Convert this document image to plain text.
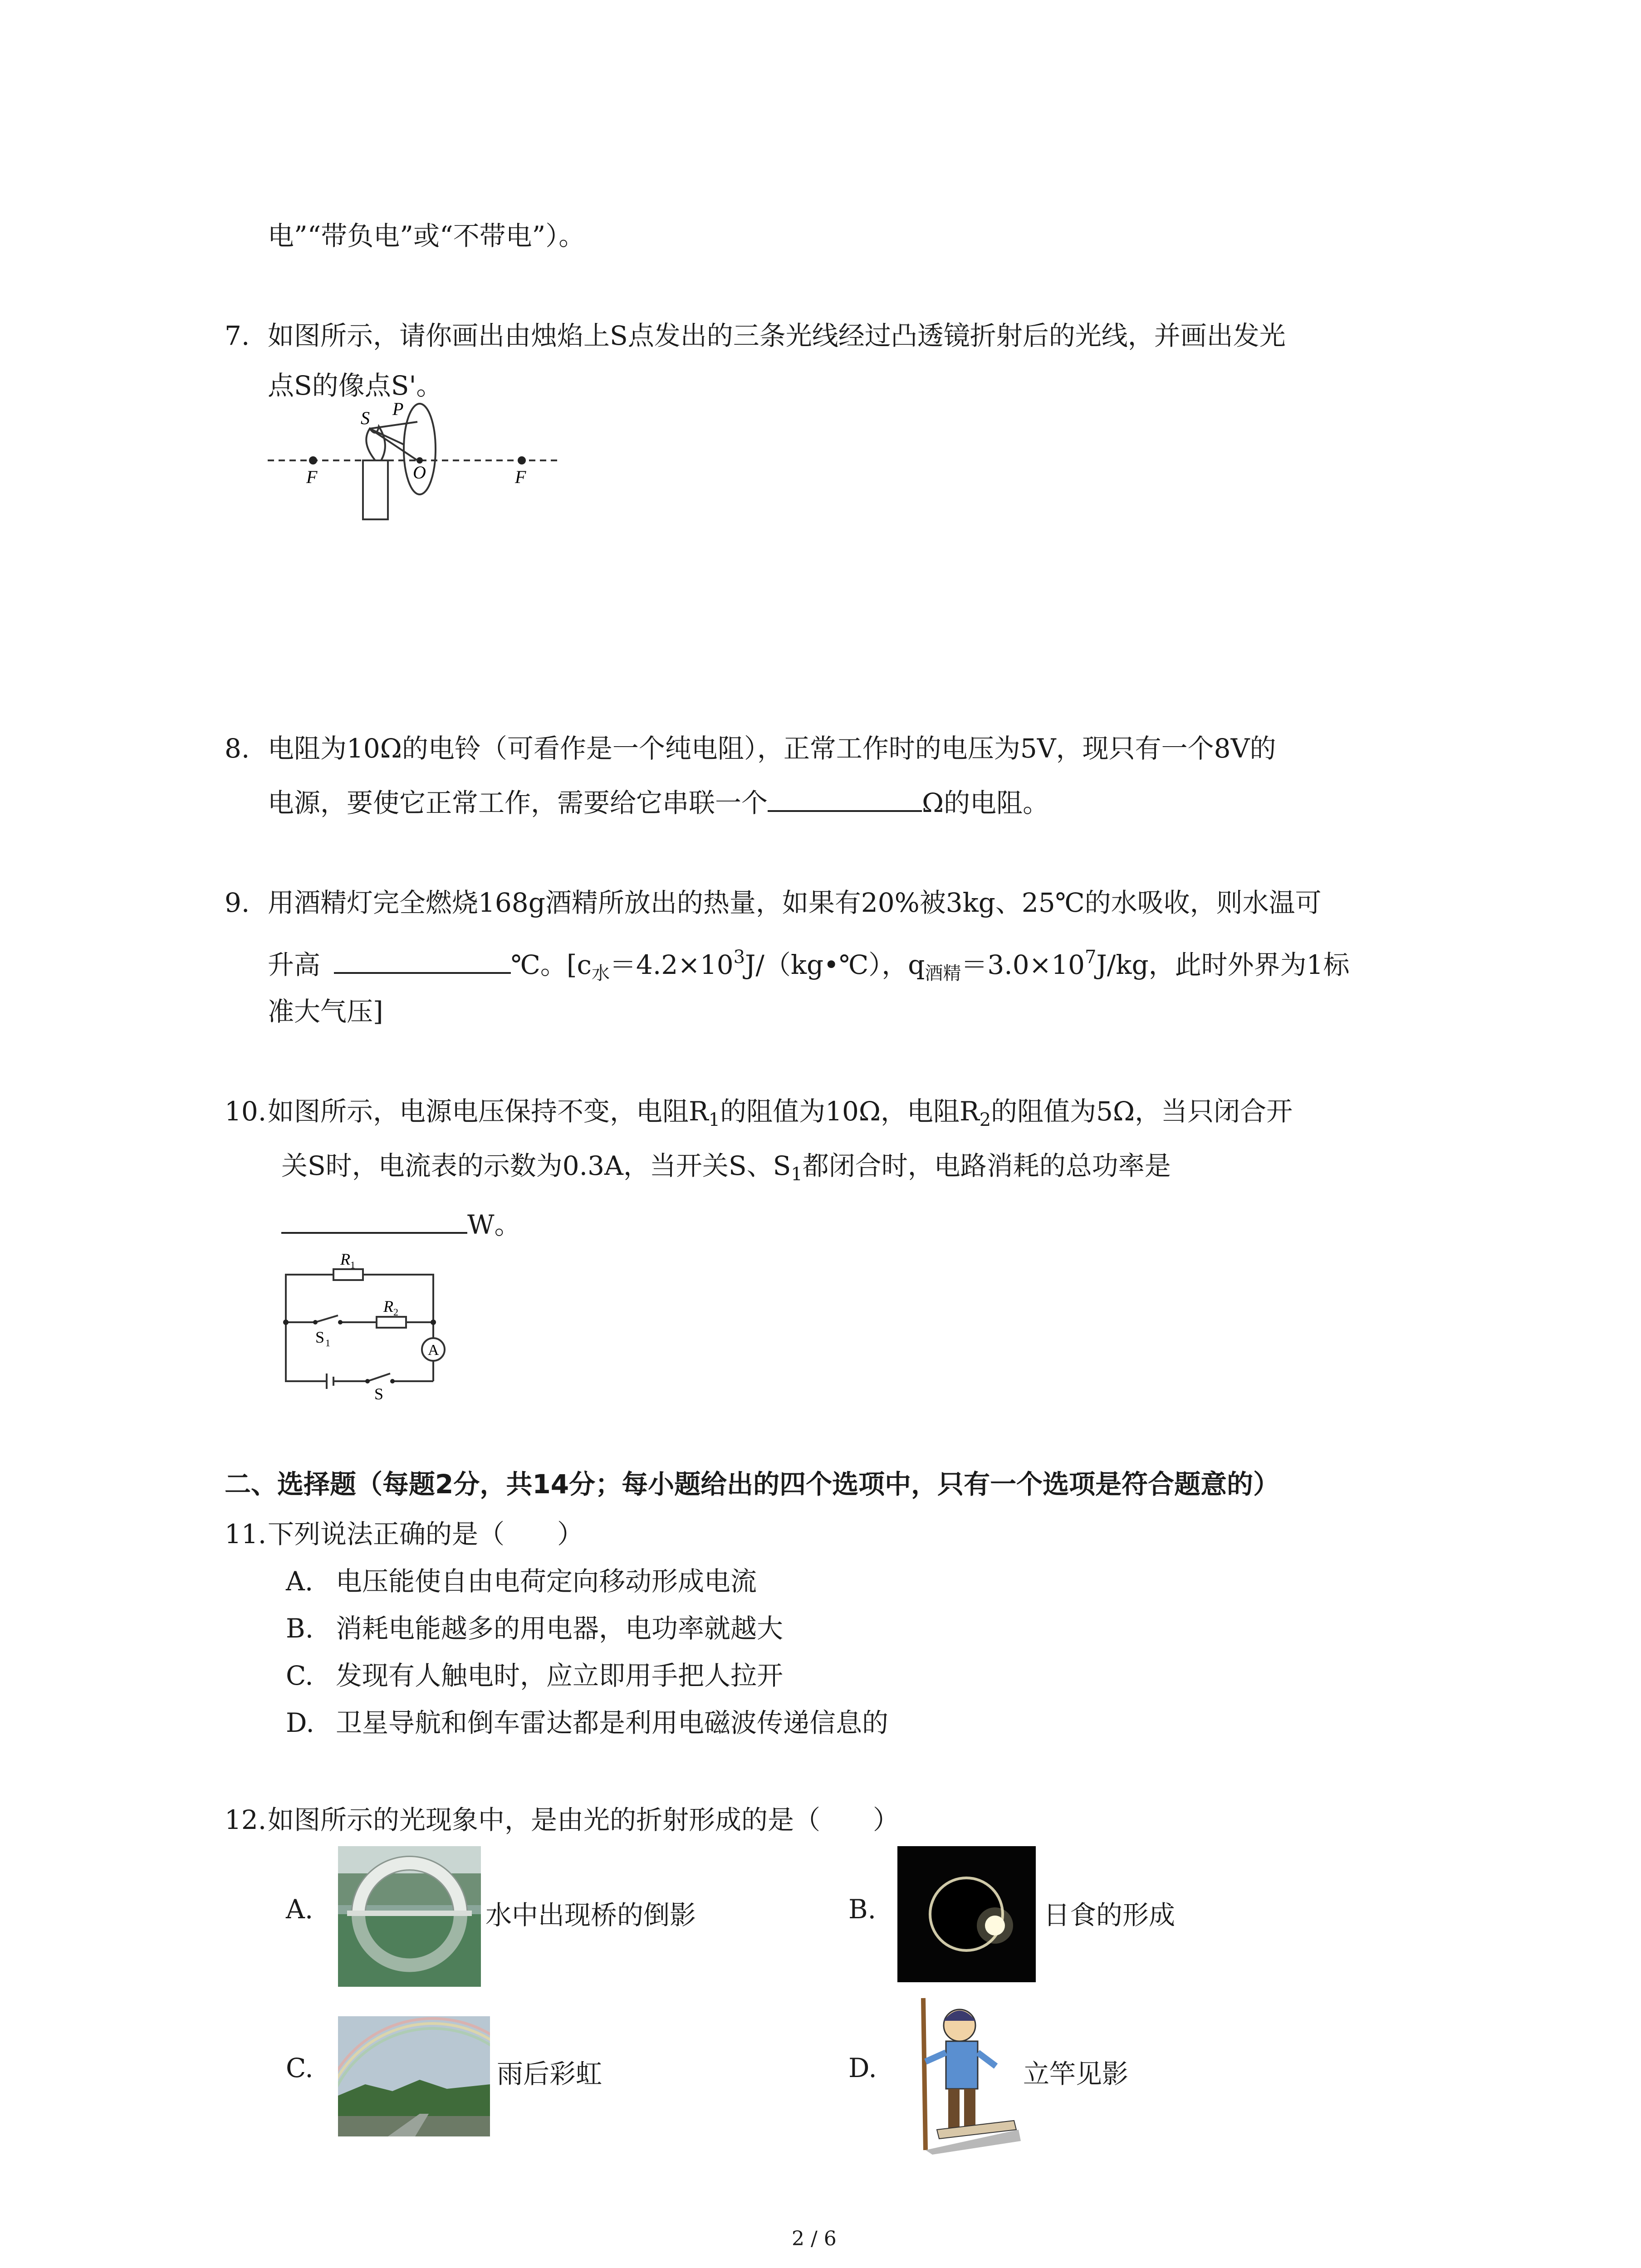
电”“带负电”或“不带电”）。
7. 如图所示，请你画出由烛焰上S点发出的三条光线经过凸透镜折射后的光线，并画出发光
点S的像点S'。
S P
O
F	F
8. 电阻为10Ω的电铃（可看作是一个纯电阻），正常工作时的电压为5V，现只有一个8V的
电源，要使它正常工作，需要给它串联一个	Ω的电阻。
9. 用酒精灯完全燃烧168g酒精所放出的热量，如果有20%被3kg、25℃的水吸收，则水温可
升高	℃。[$c_水=4.2\times 10^3J/(kg•℃)$，$q_{酒精}=3.0\times 10^7J/kg$，此时外界为1标
准大气压]
10.如图所示，电源电压保持不变，电阻$R_1$的阻值为10Ω，电阻$R_2$的阻值为5Ω，当只闭合开
关S时，电流表的示数为0.3A，当开关S、$S_1$都闭合时，电路消耗的总功率是
W。
R 1
R 2
S 1	A
S
二、选择题（每题2分，共14分；每小题给出的四个选项中，只有一个选项是符合题意的）
11.下列说法正确的是（　　）
A. 电压能使自由电荷定向移动形成电流
B. 消耗电能越多的用电器，电功率就越大
C. 发现有人触电时，应立即用手把人拉开
D. 卫星导航和倒车雷达都是利用电磁波传递信息的
12.如图所示的光现象中，是由光的折射形成的是（　　）
A.	水中出现桥的倒影	B.	日食的形成
C.	雨后彩虹	D.	立竿见影
2 / 6
